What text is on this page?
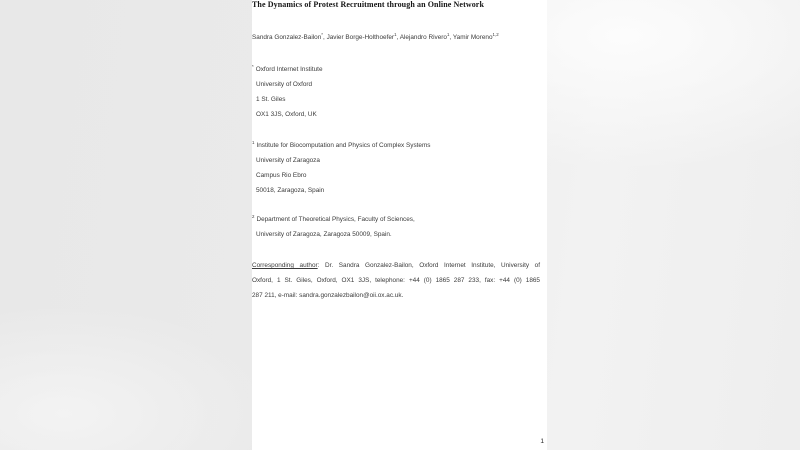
The Dynamics of Protest Recruitment through an Online Network
Sandra Gonzalez-Bailon*, Javier Borge-Holthoefer$^1$, Alejandro Rivero$^1$, Yamir Moreno$^{1,2}$
* Oxford Internet Institute
University of Oxford
1 St. Giles
OX1 3JS, Oxford, UK
$^1$ Institute for Biocomputation and Physics of Complex Systems
University of Zaragoza
Campus Rio Ebro
50018, Zaragoza, Spain
$^2$ Department of Theoretical Physics, Faculty of Sciences,
University of Zaragoza, Zaragoza 50009, Spain.
Corresponding author: Dr. Sandra Gonzalez-Bailon, Oxford Internet Institute, University of
Oxford, 1 St. Giles, Oxford, OX1 3JS, telephone: +44 (0) 1865 287 233, fax: +44 (0) 1865
287 211, e-mail: sandra.gonzalezbailon@oii.ox.ac.uk.
1
